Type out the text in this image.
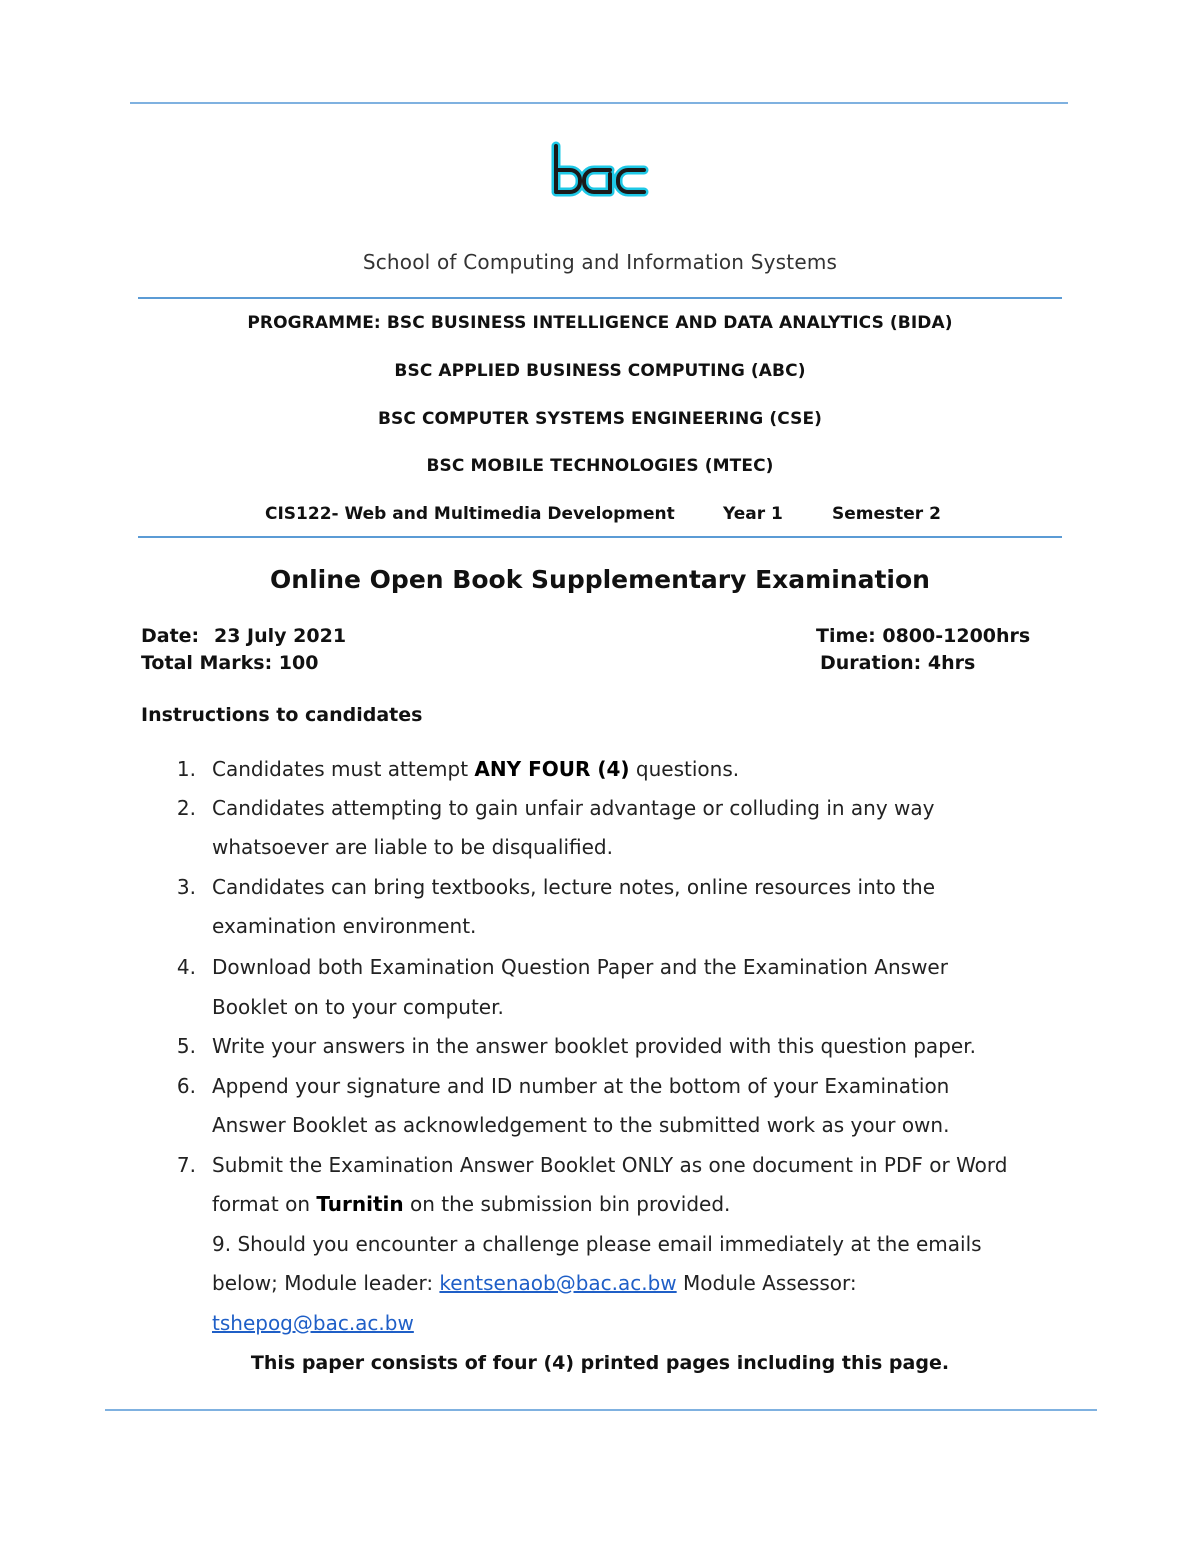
School of Computing and Information Systems
PROGRAMME: BSC BUSINESS INTELLIGENCE AND DATA ANALYTICS (BIDA)
BSC APPLIED BUSINESS COMPUTING (ABC)
BSC COMPUTER SYSTEMS ENGINEERING (CSE)
BSC MOBILE TECHNOLOGIES (MTEC)
CIS122- Web and Multimedia Development	Year 1	Semester 2
Online Open Book Supplementary Examination
Date: 23 July 2021	Time: 0800-1200hrs
Total Marks: 100	Duration: 4hrs
Instructions to candidates
1. Candidates must attempt ANY FOUR (4) questions.
2. Candidates attempting to gain unfair advantage or colluding in any way
whatsoever are liable to be disqualified.
3. Candidates can bring textbooks, lecture notes, online resources into the
examination environment.
4. Download both Examination Question Paper and the Examination Answer
Booklet on to your computer.
5. Write your answers in the answer booklet provided with this question paper.
6. Append your signature and ID number at the bottom of your Examination
Answer Booklet as acknowledgement to the submitted work as your own.
7. Submit the Examination Answer Booklet ONLY as one document in PDF or Word
format on Turnitin on the submission bin provided.
9. Should you encounter a challenge please email immediately at the emails
below; Module leader: kentsenaob@bac.ac.bw Module Assessor:
tshepog@bac.ac.bw
This paper consists of four (4) printed pages including this page.
